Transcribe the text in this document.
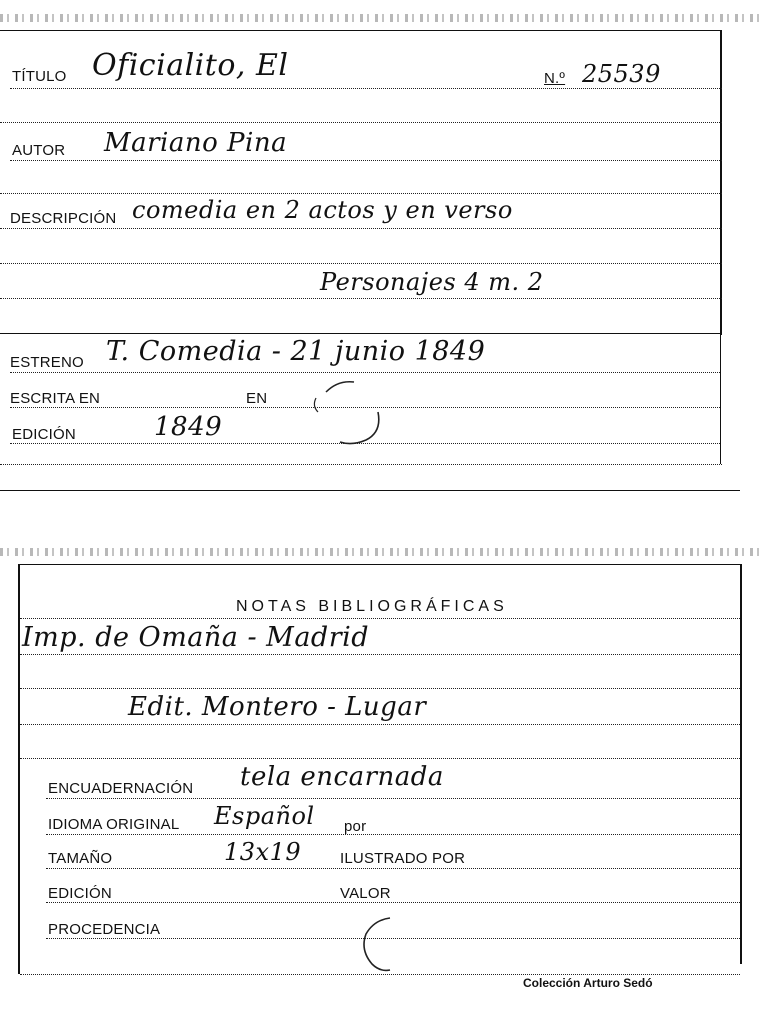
TÍTULO Oficialito, El	N.º 25539
AUTOR Mariano Pina
DESCRIPCIÓN comedia en 2 actos y en verso
Personajes 4 m. 2
ESTRENO T. Comedia - 21 junio 1849
ESCRITA EN	EN
EDICIÓN	1849
NOTAS BIBLIOGRÁFICAS
Imp. de Omaña - Madrid
Edit. Montero - Lugar
ENCUADERNACIÓN tela encarnada
IDIOMA ORIGINAL Español por
TAMAÑO	13x19	ILUSTRADO POR
EDICIÓN	VALOR
PROCEDENCIA
Colección Arturo Sedó
